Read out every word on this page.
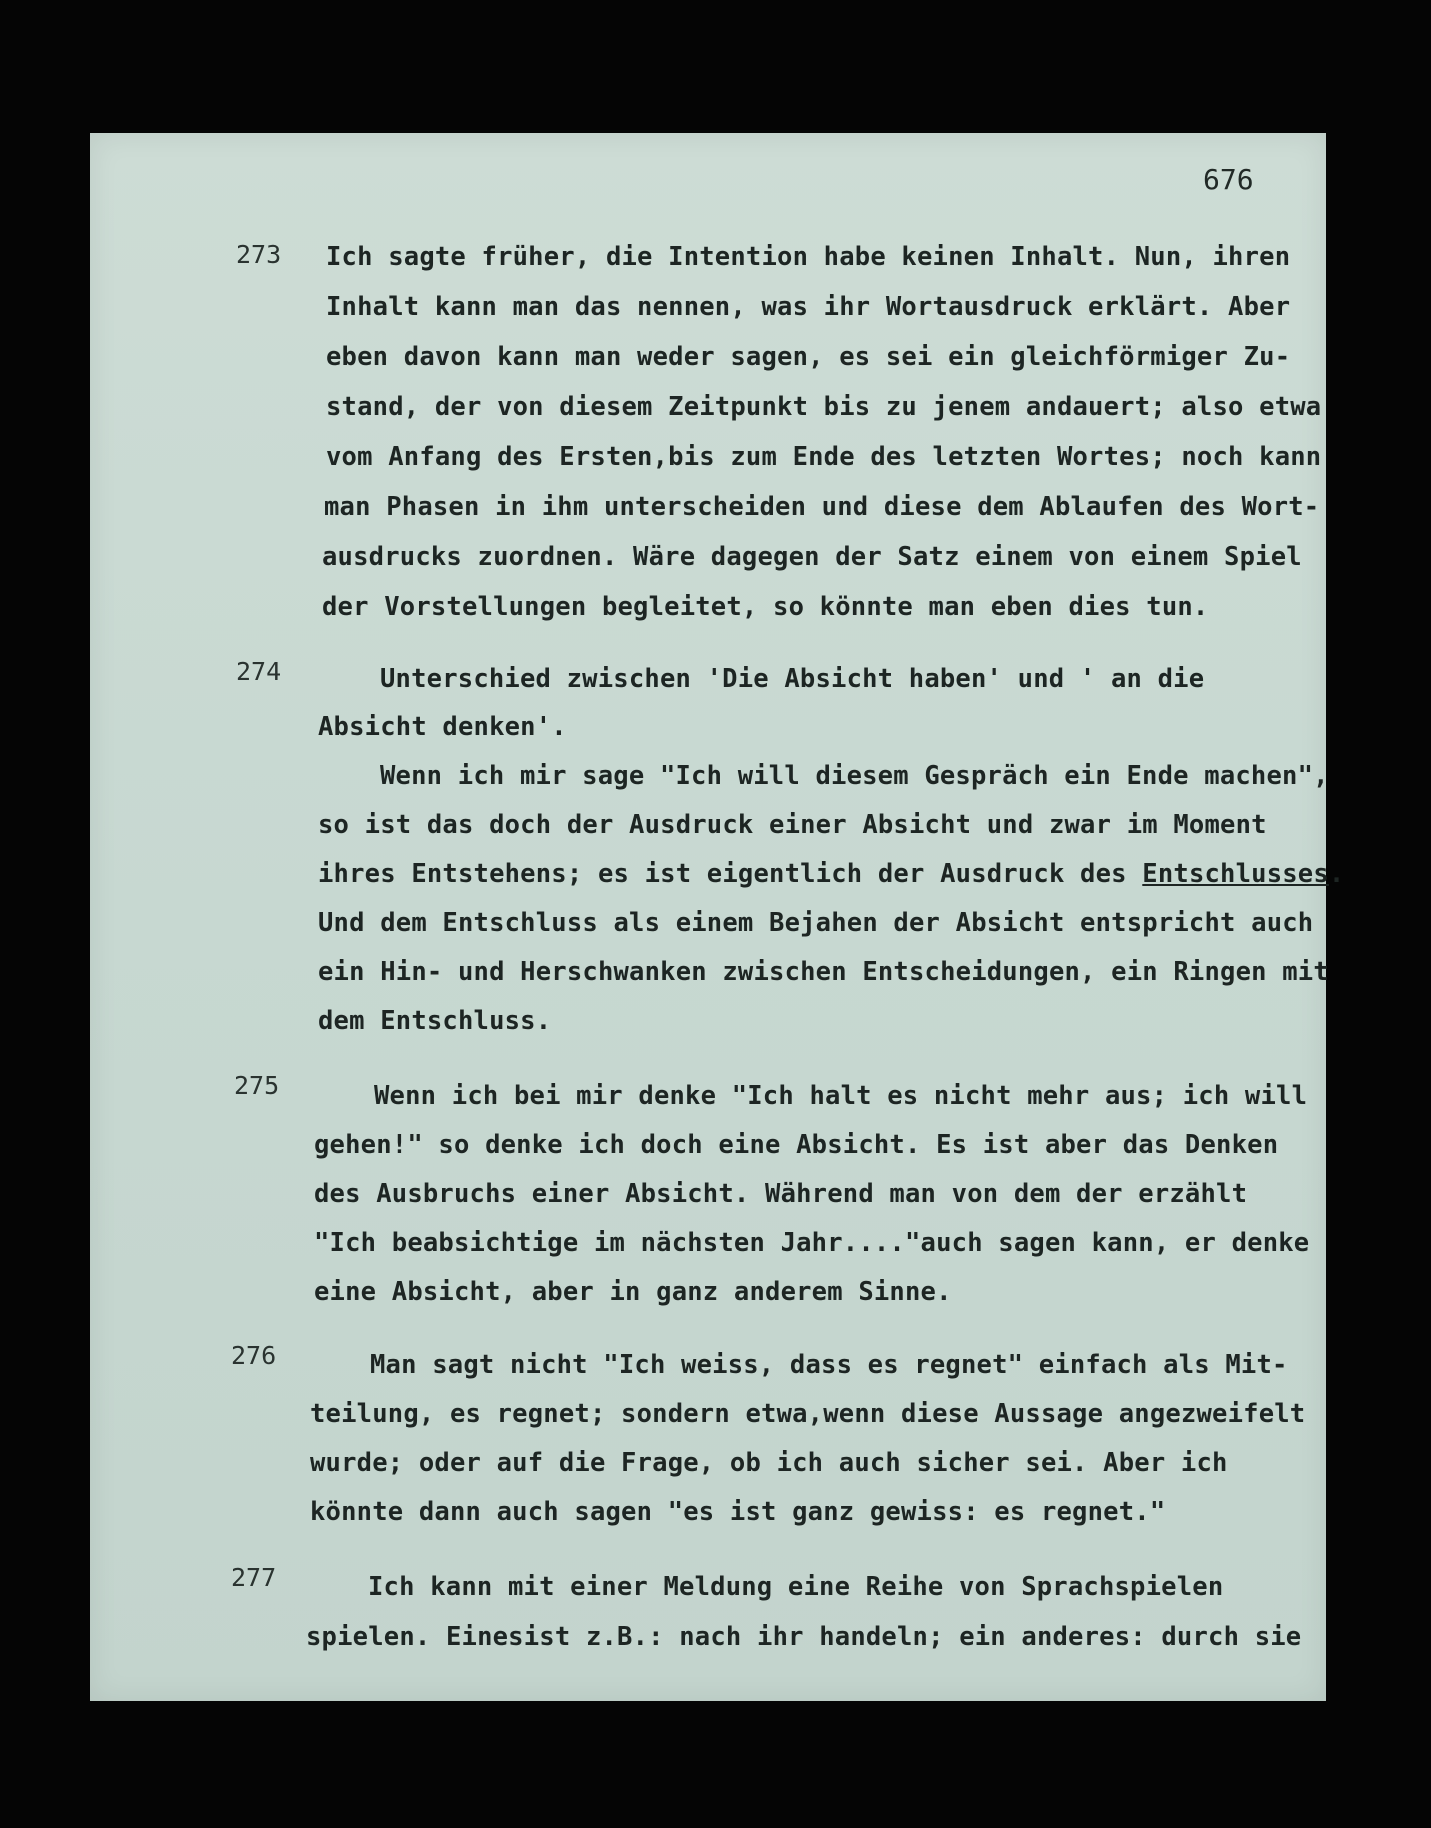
676
273 Ich sagte früher, die Intention habe keinen Inhalt. Nun, ihren
Inhalt kann man das nennen, was ihr Wortausdruck erklärt. Aber
eben davon kann man weder sagen, es sei ein gleichförmiger Zu-
stand, der von diesem Zeitpunkt bis zu jenem andauert; also etwa
vom Anfang des Ersten,bis zum Ende des letzten Wortes; noch kann
man Phasen in ihm unterscheiden und diese dem Ablaufen des Wort-
ausdrucks zuordnen. Wäre dagegen der Satz einem von einem Spiel
der Vorstellungen begleitet, so könnte man eben dies tun.
274	Unterschied zwischen 'Die Absicht haben' und ' an die
Absicht denken'.
Wenn ich mir sage "Ich will diesem Gespräch ein Ende machen",
so ist das doch der Ausdruck einer Absicht und zwar im Moment
ihres Entstehens; es ist eigentlich der Ausdruck des Entschlusses.
Und dem Entschluss als einem Bejahen der Absicht entspricht auch
ein Hin- und Herschwanken zwischen Entscheidungen, ein Ringen mit
dem Entschluss.
275	Wenn ich bei mir denke "Ich halt es nicht mehr aus; ich will
gehen!" so denke ich doch eine Absicht. Es ist aber das Denken
des Ausbruchs einer Absicht. Während man von dem der erzählt
"Ich beabsichtige im nächsten Jahr...."auch sagen kann, er denke
eine Absicht, aber in ganz anderem Sinne.
276	Man sagt nicht "Ich weiss, dass es regnet" einfach als Mit-
teilung, es regnet; sondern etwa,wenn diese Aussage angezweifelt
wurde; oder auf die Frage, ob ich auch sicher sei. Aber ich
könnte dann auch sagen "es ist ganz gewiss: es regnet."
277	Ich kann mit einer Meldung eine Reihe von Sprachspielen
spielen. Einesist z.B.: nach ihr handeln; ein anderes: durch sie
